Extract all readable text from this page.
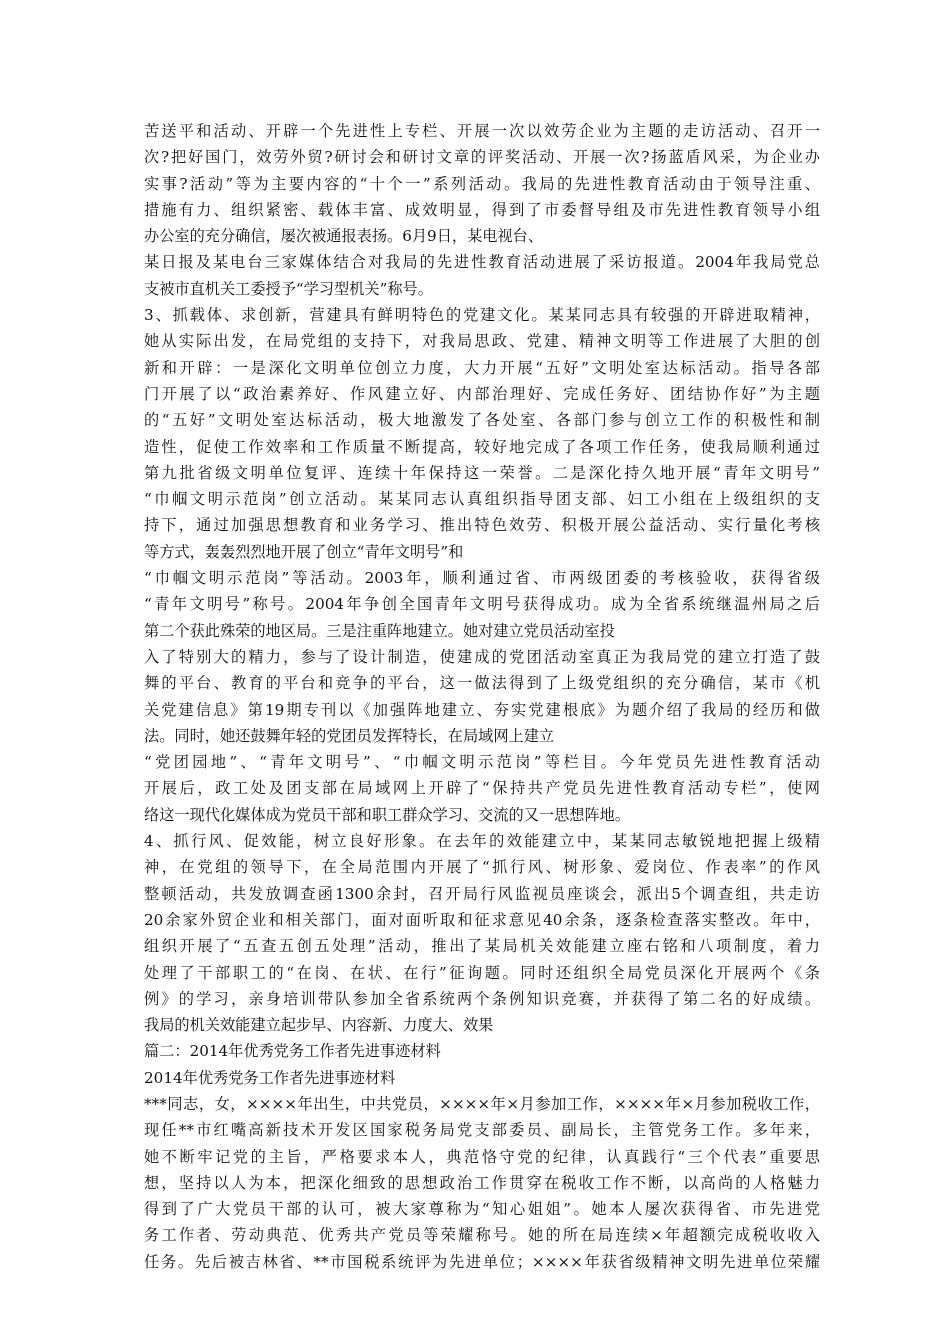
苦送平和活动、开辟一个先进性上专栏、开展一次以效劳企业为主题的走访活动、召开一
次?把好国门，效劳外贸?研讨会和研讨文章的评奖活动、开展一次?扬蓝盾风采，为企业办
实事?活动”等为主要内容的“十个一”系列活动。我局的先进性教育活动由于领导注重、
措施有力、组织紧密、载体丰富、成效明显，得到了市委督导组及市先进性教育领导小组
办公室的充分确信，屡次被通报表扬。6月9日，某电视台、
某日报及某电台三家媒体结合对我局的先进性教育活动进展了采访报道。2004年我局党总
支被市直机关工委授予“学习型机关”称号。
3、抓载体、求创新，营建具有鲜明特色的党建文化。某某同志具有较强的开辟进取精神，
她从实际出发，在局党组的支持下，对我局思政、党建、精神文明等工作进展了大胆的创
新和开辟：一是深化文明单位创立力度，大力开展“五好”文明处室达标活动。指导各部
门开展了以“政治素养好、作风建立好、内部治理好、完成任务好、团结协作好”为主题
的“五好”文明处室达标活动，极大地激发了各处室、各部门参与创立工作的积极性和制
造性，促使工作效率和工作质量不断提高，较好地完成了各项工作任务，使我局顺利通过
第九批省级文明单位复评、连续十年保持这一荣誉。二是深化持久地开展“青年文明号”
“巾帼文明示范岗”创立活动。某某同志认真组织指导团支部、妇工小组在上级组织的支
持下，通过加强思想教育和业务学习、推出特色效劳、积极开展公益活动、实行量化考核
等方式，轰轰烈烈地开展了创立“青年文明号”和
“巾帼文明示范岗”等活动。2003年，顺利通过省、市两级团委的考核验收，获得省级
“青年文明号”称号。2004年争创全国青年文明号获得成功。成为全省系统继温州局之后
第二个获此殊荣的地区局。三是注重阵地建立。她对建立党员活动室投
入了特别大的精力，参与了设计制造，使建成的党团活动室真正为我局党的建立打造了鼓
舞的平台、教育的平台和竞争的平台，这一做法得到了上级党组织的充分确信，某市《机
关党建信息》第19期专刊以《加强阵地建立、夯实党建根底》为题介绍了我局的经历和做
法。同时，她还鼓舞年轻的党团员发挥特长，在局域网上建立
“党团园地”、“青年文明号”、“巾帼文明示范岗”等栏目。今年党员先进性教育活动
开展后，政工处及团支部在局域网上开辟了“保持共产党员先进性教育活动专栏”，使网
络这一现代化媒体成为党员干部和职工群众学习、交流的又一思想阵地。
4、抓行风、促效能，树立良好形象。在去年的效能建立中，某某同志敏锐地把握上级精
神，在党组的领导下，在全局范围内开展了“抓行风、树形象、爱岗位、作表率”的作风
整顿活动，共发放调查函1300余封，召开局行风监视员座谈会，派出5个调查组，共走访
20余家外贸企业和相关部门，面对面听取和征求意见40余条，逐条检查落实整改。年中，
组织开展了“五查五创五处理”活动，推出了某局机关效能建立座右铭和八项制度，着力
处理了干部职工的“在岗、在状、在行”征询题。同时还组织全局党员深化开展两个《条
例》的学习，亲身培训带队参加全省系统两个条例知识竞赛，并获得了第二名的好成绩。
我局的机关效能建立起步早、内容新、力度大、效果
篇二：2014年优秀党务工作者先进事迹材料
2014年优秀党务工作者先进事迹材料
***同志，女，××××年出生，中共党员，××××年×月参加工作，××××年×月参加税收工作，
现任**市红嘴高新技术开发区国家税务局党支部委员、副局长，主管党务工作。多年来，
她不断牢记党的主旨，严格要求本人，典范恪守党的纪律，认真践行“三个代表”重要思
想，坚持以人为本，把深化细致的思想政治工作贯穿在税收工作不断，以高尚的人格魅力
得到了广大党员干部的认可，被大家尊称为“知心姐姐”。她本人屡次获得省、市先进党
务工作者、劳动典范、优秀共产党员等荣耀称号。她的所在局连续×年超额完成税收收入
任务。先后被吉林省、**市国税系统评为先进单位；××××年获省级精神文明先进单位荣耀
